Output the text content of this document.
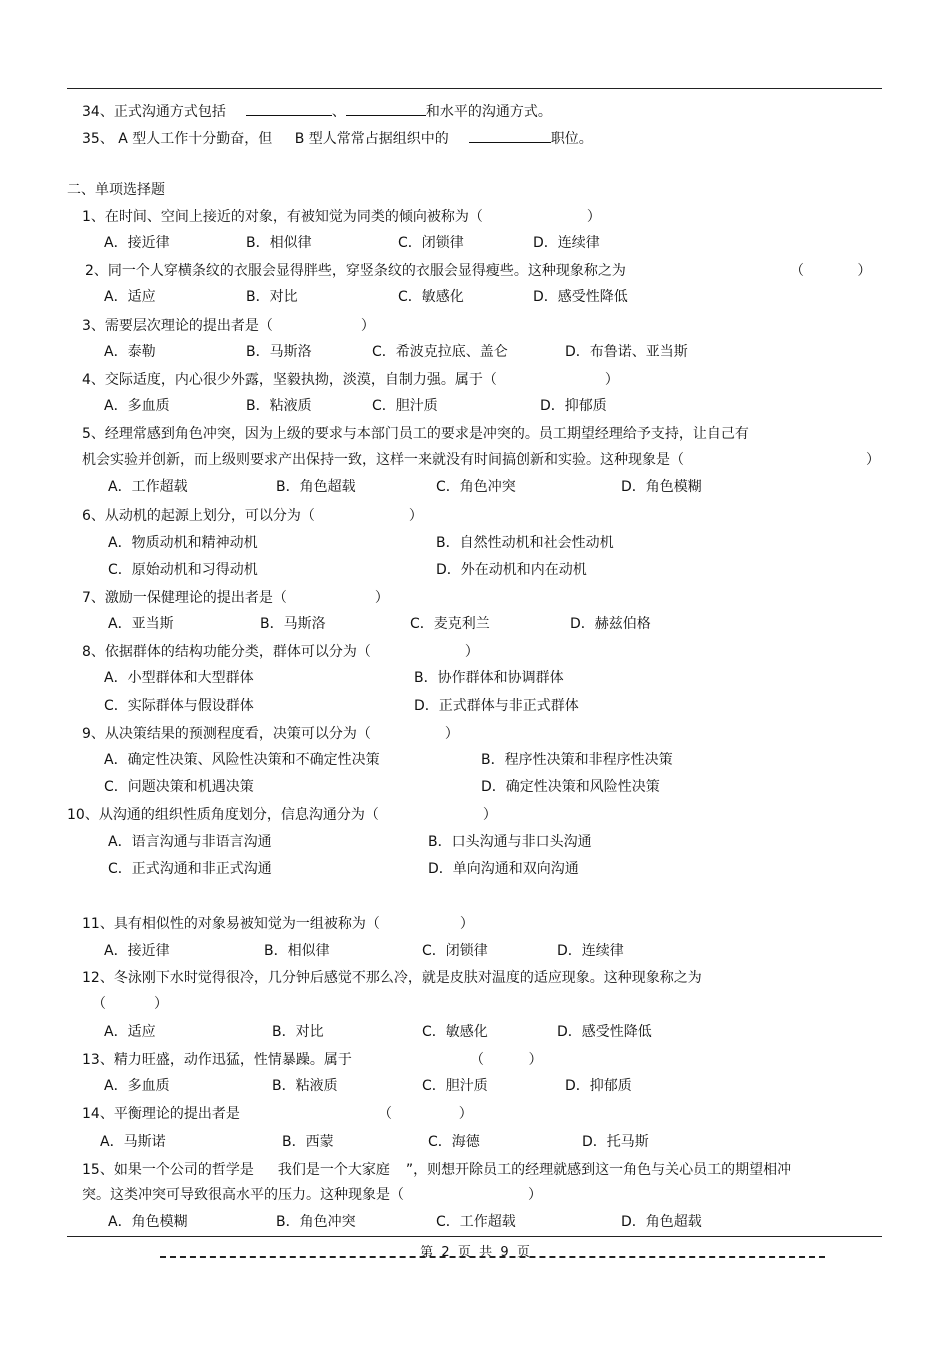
34、正式沟通方式包括	、	和水平的沟通方式。
35、 A 型人工作十分勤奋，但 B 型人常常占据组织中的	职位。
二、单项选择题
1、在时间、空间上接近的对象，有被知觉为同类的倾向被称为（	）
A．接近律	B．相似律	C．闭锁律	D．连续律
2、同一个人穿横条纹的衣服会显得胖些，穿竖条纹的衣服会显得瘦些。这种现象称之为	（            ）
A．适应	B．对比	C．敏感化	D．感受性降低
3、需要层次理论的提出者是（	）
A．泰勒	B．马斯洛	C．希波克拉底、盖仑	D．布鲁诺、亚当斯
4、交际适度，内心很少外露，坚毅执拗，淡漠，自制力强。属于（	）
A．多血质	B．粘液质	C．胆汁质	D．抑郁质
5、经理常感到角色冲突，因为上级的要求与本部门员工的要求是冲突的。员工期望经理给予支持，让自己有
机会实验并创新，而上级则要求产出保持一致，这样一来就没有时间搞创新和实验。这种现象是（	）
A．工作超载	B．角色超载	C．角色冲突	D．角色模糊
6、从动机的起源上划分，可以分为（	）
A．物质动机和精神动机	B．自然性动机和社会性动机
C．原始动机和习得动机	D．外在动机和内在动机
7、激励一保健理论的提出者是（	）
A．亚当斯	B．马斯洛	C．麦克利兰	D．赫兹伯格
8、依据群体的结构功能分类，群体可以分为（	）
A．小型群体和大型群体	B．协作群体和协调群体
C．实际群体与假设群体	D．正式群体与非正式群体
9、从决策结果的预测程度看，决策可以分为（	）
A．确定性决策、风险性决策和不确定性决策	B．程序性决策和非程序性决策
C．问题决策和机遇决策	D．确定性决策和风险性决策
10、从沟通的组织性质角度划分，信息沟通分为（	）
A．语言沟通与非语言沟通	B．口头沟通与非口头沟通
C．正式沟通和非正式沟通	D．单向沟通和双向沟通
11、具有相似性的对象易被知觉为一组被称为（	）
A．接近律	B．相似律	C．闭锁律	D．连续律
12、冬泳刚下水时觉得很冷，几分钟后感觉不那么冷，就是皮肤对温度的适应现象。这种现象称之为
（	）
A．适应	B．对比	C．敏感化	D．感受性降低
13、精力旺盛，动作迅猛，性情暴躁。属于	（          ）
A．多血质	B．粘液质	C．胆汁质	D．抑郁质
14、平衡理论的提出者是	（               ）
A．马斯诺	B．西蒙	C．海德	D．托马斯
15、如果一个公司的哲学是 我们是一个大家庭 ”，则想开除员工的经理就感到这一角色与关心员工的期望相冲
突。这类冲突可导致很高水平的压力。这种现象是（	）
A．角色模糊	B．角色冲突	C．工作超载	D．角色超载
第  2  页  共  9  页
